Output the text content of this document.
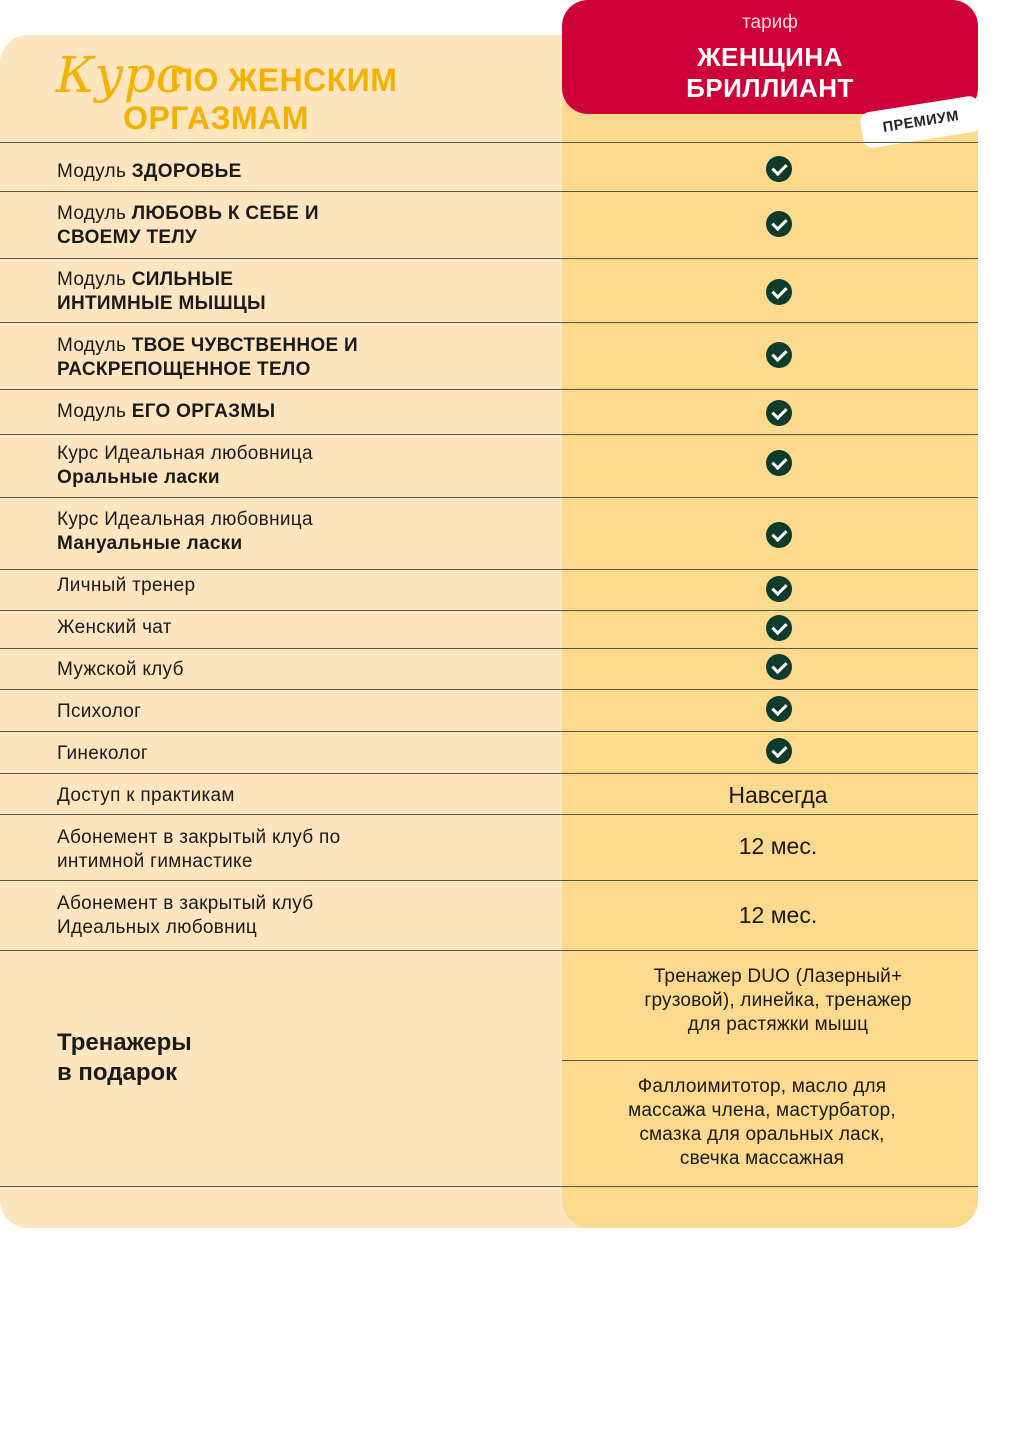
тариф
ЖЕНЩИНА
БРИЛЛИАНТ
ПРЕМИУМ
Курс
ПО ЖЕНСКИМ
ОРГАЗМАМ
Модуль ЗДОРОВЬЕ
Модуль ЛЮБОВЬ К СЕБЕ И СВОЕМУ ТЕЛУ
Модуль СИЛЬНЫЕ ИНТИМНЫЕ МЫШЦЫ
Модуль ТВОЕ ЧУВСТВЕННОЕ И РАСКРЕПОЩЕННОЕ ТЕЛО
Модуль ЕГО ОРГАЗМЫ
Курс Идеальная любовница
Оральные ласки
Курс Идеальная любовница
Мануальные ласки
Личный тренер
Женский чат
Мужской клуб
Психолог
Гинеколог
Доступ к практикам
Абонемент в закрытый клуб по интимной гимнастике
Абонемент в закрытый клуб Идеальных любовниц
Навсегда
12 мес.
12 мес.
Тренажеры
в подарок
Тренажер DUO (Лазерный+
грузовой), линейка, тренажер
для растяжки мышц
Фаллоимитотор, масло для
массажа члена, мастурбатор,
смазка для оральных ласк,
свечка массажная
